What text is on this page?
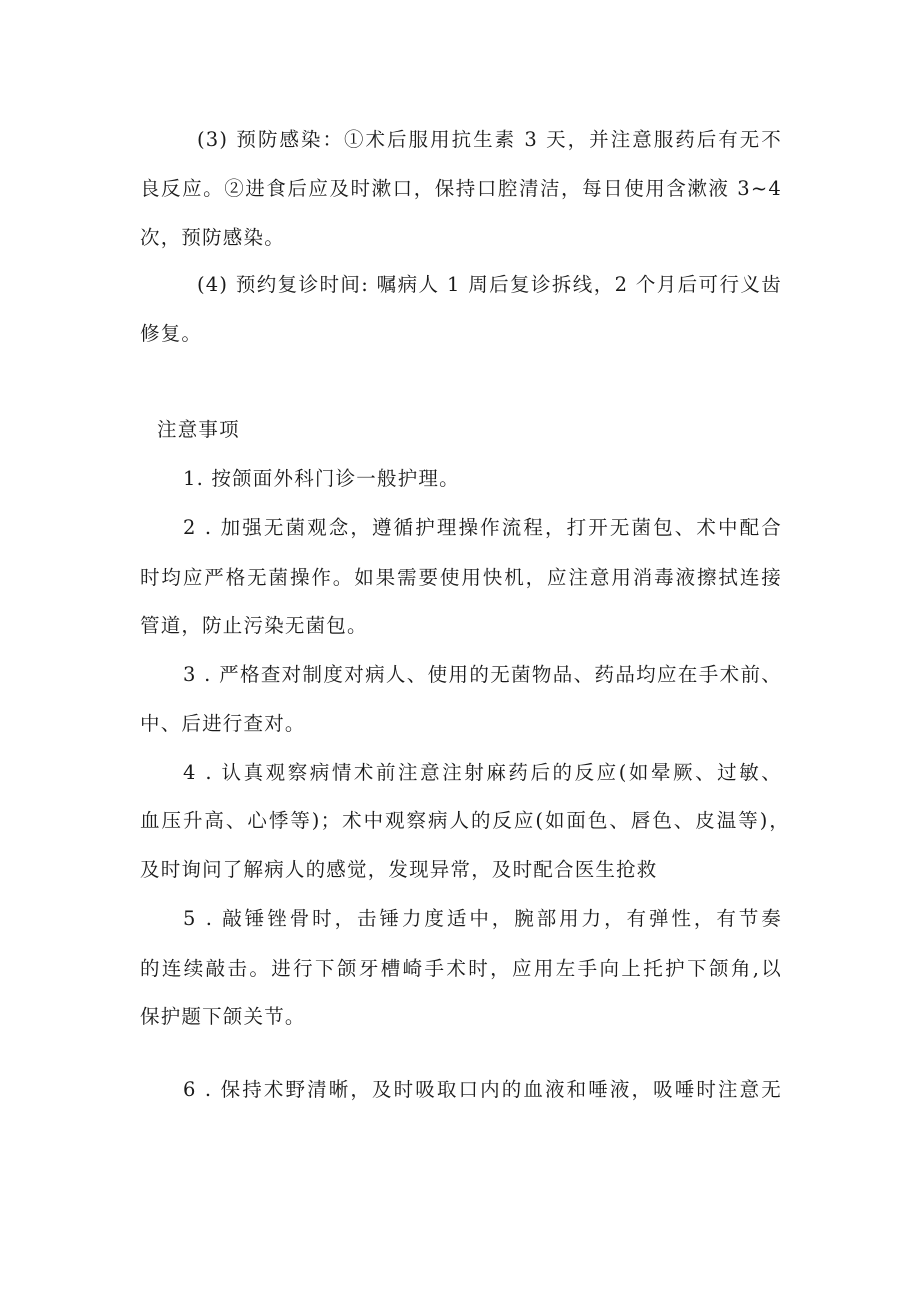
(3) 预防感染：①术后服用抗生素 3 天，并注意服药后有无不
良反应。②进食后应及时漱口，保持口腔清洁，每日使用含漱液 3~4
次，预防感染。
(4) 预约复诊时间: 嘱病人 1 周后复诊拆线，2 个月后可行义齿
修复。
注意事项
1. 按颌面外科门诊一般护理。
2 . 加强无菌观念，遵循护理操作流程，打开无菌包、术中配合
时均应严格无菌操作。如果需要使用快机，应注意用消毒液擦拭连接
管道，防止污染无菌包。
3 . 严格查对制度对病人、使用的无菌物品、药品均应在手术前、
中、后进行查对。
4 . 认真观察病情术前注意注射麻药后的反应(如晕厥、过敏、
血压升高、心悸等)；术中观察病人的反应(如面色、唇色、皮温等)，
及时询问了解病人的感觉，发现异常，及时配合医生抢救
5 . 敲锤锉骨时，击锤力度适中，腕部用力，有弹性，有节奏
的连续敲击。进行下颌牙槽崎手术时，应用左手向上托护下颌角,以
保护题下颌关节。
6 . 保持术野清晰，及时吸取口内的血液和唾液，吸唾时注意无
